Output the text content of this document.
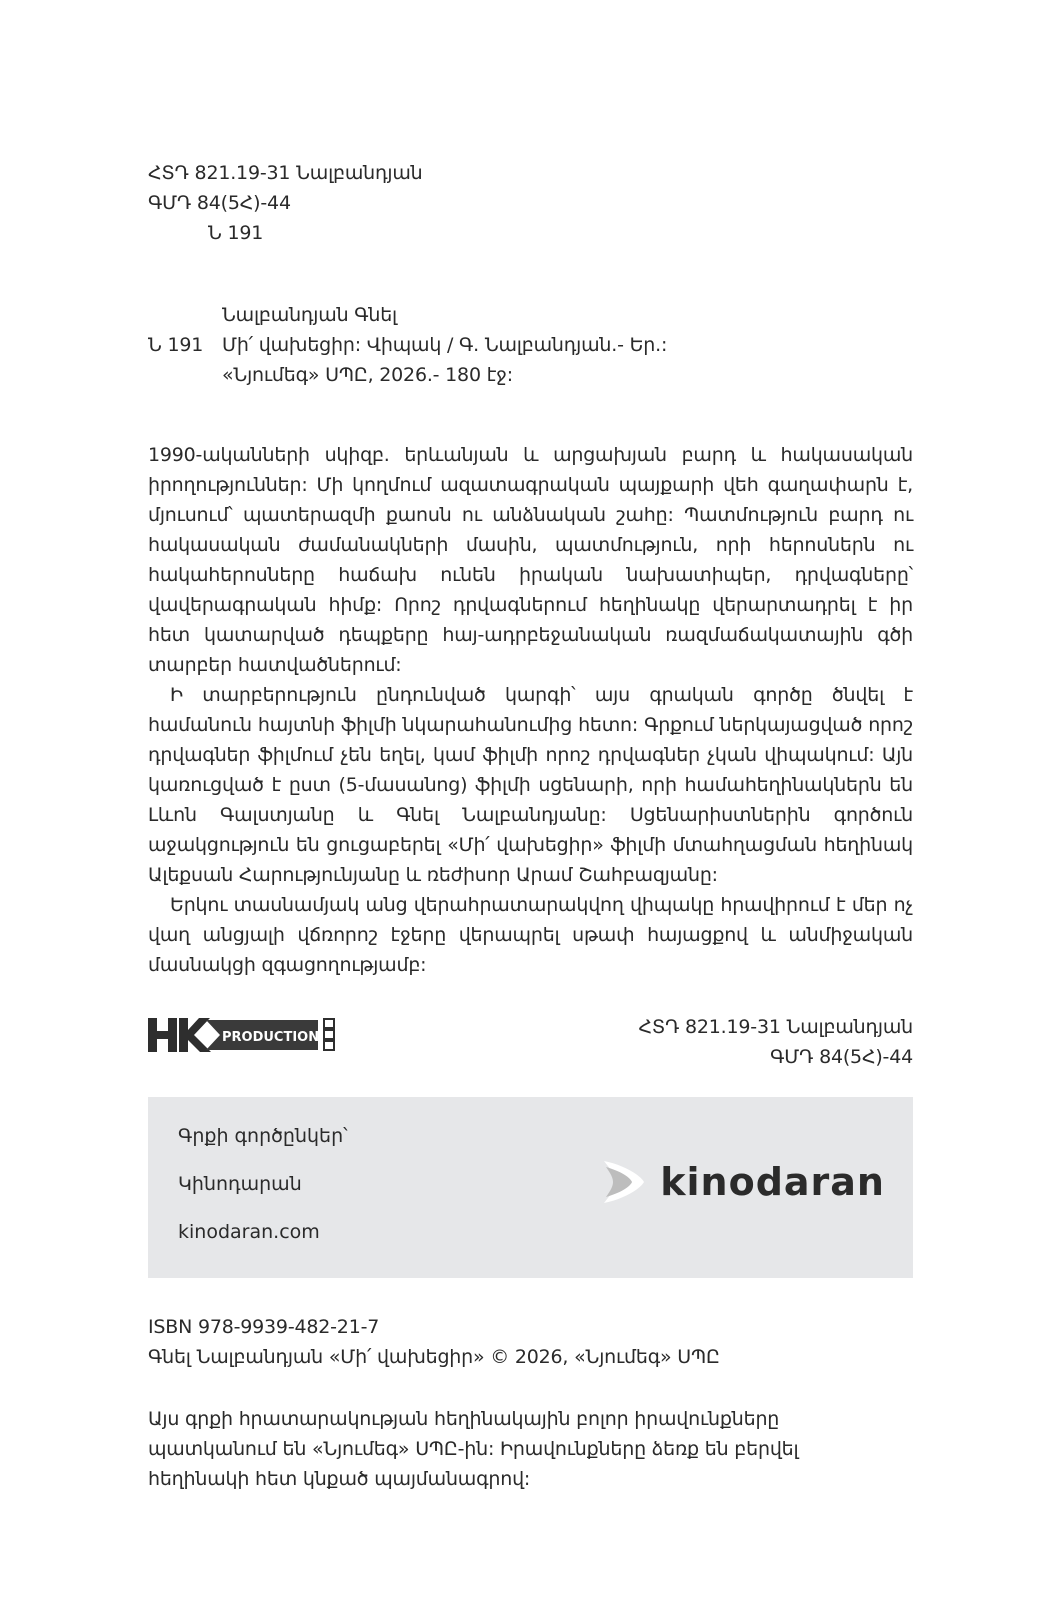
ՀՏԴ 821.19-31 Նալբանդյան
ԳՄԴ 84(5Հ)-44
Ն 191
Նալբանդյան Գնել
Ն 191 Մի՛ վախեցիր: Վիպակ / Գ. Նալբանդյան.- Եր.:
«Նյումեգ» ՍՊԸ, 2026.- 180 էջ:

1990-ականների սկիզբ. երևանյան և արցախյան բարդ և հակասական իրողություններ: Մի կողմում ազատագրական պայքարի վեհ գաղափարն է, մյուսում՝ պատերազմի քաոսն ու անձնական շահը: Պատմություն բարդ ու հակասական ժամանակների մասին, պատմություն, որի հերոսներն ու հակահերոսները հաճախ ունեն իրական նախատիպեր, դրվագները՝ վավերագրական հիմք: Որոշ դրվագներում հեղինակը վերարտադրել է իր հետ կատարված դեպքերը հայ-ադրբեջանական ռազմաճակատային գծի տարբեր հատվածներում:

Ի տարբերություն ընդունված կարգի՝ այս գրական գործը ծնվել է համանուն հայտնի ֆիլմի նկարահանումից հետո: Գրքում ներկայացված որոշ դրվագներ ֆիլմում չեն եղել, կամ ֆիլմի որոշ դրվագներ չկան վիպակում: Այն կառուցված է ըստ (5-մասանոց) ֆիլմի սցենարի, որի համահեղինակներն են Լևոն Գալստյանը և Գնել Նալբանդյանը: Սցենարիստներին գործուն աջակցություն են ցուցաբերել «Մի՛ վախեցիր» ֆիլմի մտահղացման հեղինակ Ալեքսան Հարությունյանը և ռեժիսոր Արամ Շահբազյանը:

Երկու տասնամյակ անց վերահրատարակվող վիպակը հրավիրում է մեր ոչ վաղ անցյալի վճռորոշ էջերը վերապրել սթափ հայացքով և անմիջական մասնակցի զգացողությամբ:

PRODUCTIONS	ՀՏԴ 821.19-31 Նալբանդյան
ԳՄԴ 84(5Հ)-44
Գրքի գործընկեր՝
Կինոդարան
kinodaran.com
kinodaran
ISBN 978-9939-482-21-7
Գնել Նալբանդյան «Մի՛ վախեցիր» © 2026, «Նյումեգ» ՍՊԸ
Այս գրքի հրատարակության հեղինակային բոլոր իրավունքները
պատկանում են «Նյումեգ» ՍՊԸ-ին: Իրավունքները ձեռք են բերվել
հեղինակի հետ կնքած պայմանագրով:
